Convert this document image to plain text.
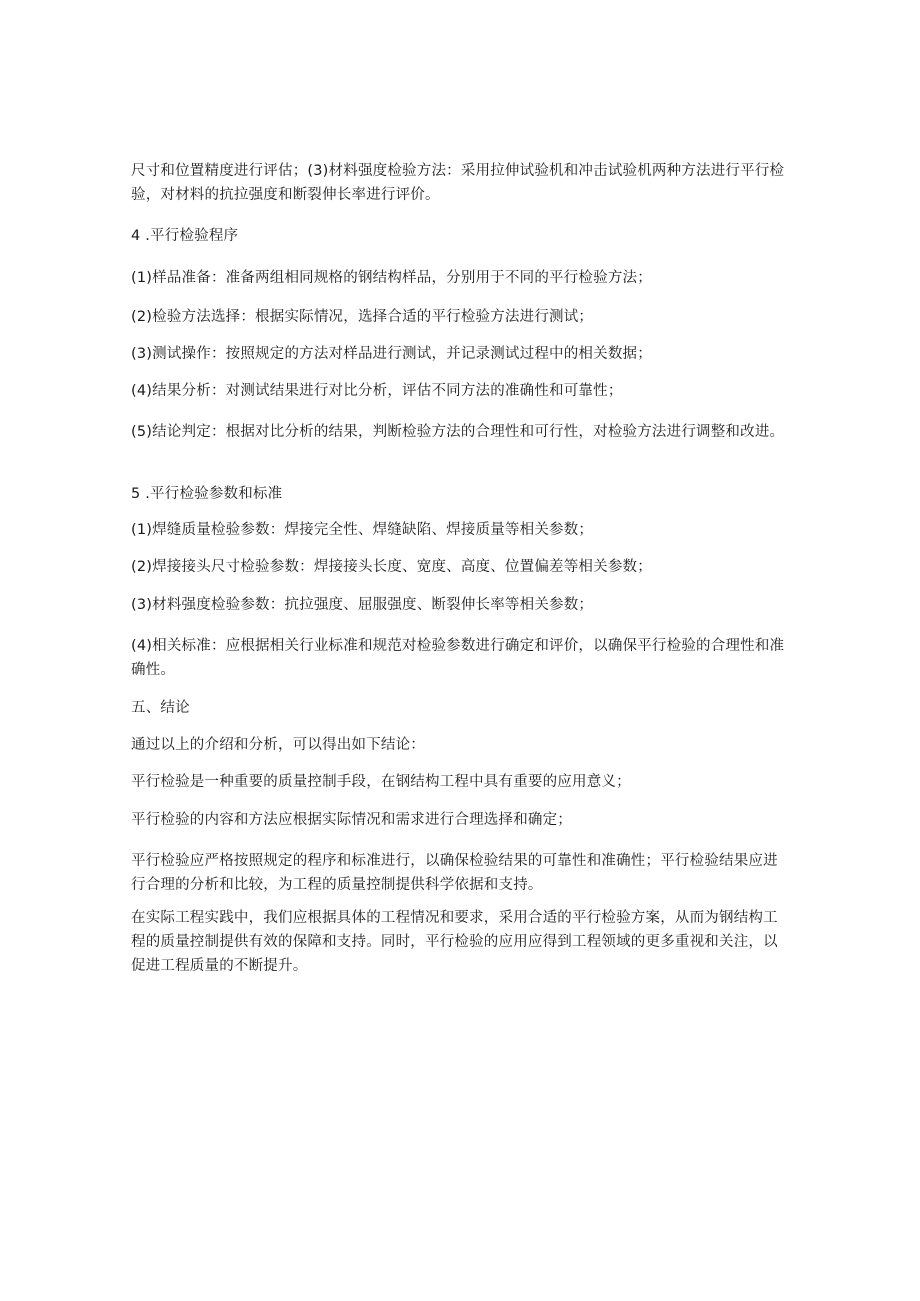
尺寸和位置精度进行评估；(3)材料强度检验方法：采用拉伸试验机和冲击试验机两种方法进行平行检验，对材料的抗拉强度和断裂伸长率进行评价。
4 .平行检验程序
(1)样品准备：准备两组相同规格的钢结构样品，分别用于不同的平行检验方法；
(2)检验方法选择：根据实际情况，选择合适的平行检验方法进行测试；
(3)测试操作：按照规定的方法对样品进行测试，并记录测试过程中的相关数据；
(4)结果分析：对测试结果进行对比分析，评估不同方法的准确性和可靠性；
(5)结论判定：根据对比分析的结果，判断检验方法的合理性和可行性，对检验方法进行调整和改进。
5 .平行检验参数和标准
(1)焊缝质量检验参数：焊接完全性、焊缝缺陷、焊接质量等相关参数；
(2)焊接接头尺寸检验参数：焊接接头长度、宽度、高度、位置偏差等相关参数；
(3)材料强度检验参数：抗拉强度、屈服强度、断裂伸长率等相关参数；
(4)相关标准：应根据相关行业标准和规范对检验参数进行确定和评价，以确保平行检验的合理性和准确性。
五、结论
通过以上的介绍和分析，可以得出如下结论：
平行检验是一种重要的质量控制手段，在钢结构工程中具有重要的应用意义；
平行检验的内容和方法应根据实际情况和需求进行合理选择和确定；
平行检验应严格按照规定的程序和标准进行，以确保检验结果的可靠性和准确性；平行检验结果应进行合理的分析和比较，为工程的质量控制提供科学依据和支持。
在实际工程实践中，我们应根据具体的工程情况和要求，采用合适的平行检验方案，从而为钢结构工程的质量控制提供有效的保障和支持。同时，平行检验的应用应得到工程领域的更多重视和关注，以促进工程质量的不断提升。
